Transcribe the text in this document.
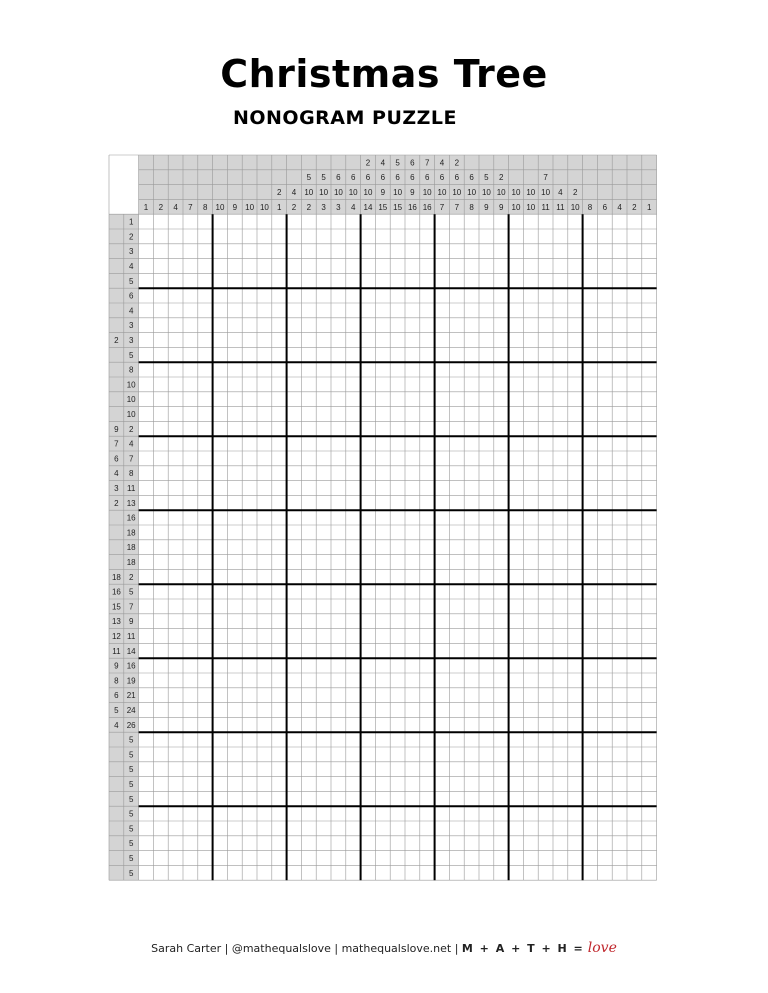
Christmas Tree
NONOGRAM PUZZLE
1 2 4 7 8 10 9 10 10
2
1
4
2
5
10
2
5
10
3
6
10
3
6
10
4
2
6
10
14
4
6
9
15
5
6
10
15
6
6
9
16
7
6
10
16
4
6
10
7
2
6
10
7
6
10
8
5
10
9
2
10
9
10
10
10
10
7
10
11
4
11
2
10 8 6 4 2 1
1
2
3
4
5
6
4
3
2 3
5
8
10
10
10
9 2
7 4
6 7
4 8
3 11
2 13
16
18
18
18
18 2
16 5
15 7
13 9
12 11
11 14
9 16
8 19
6 21
5 24
4 26
5
5
5
5
5
5
5
5
5
5
Sarah Carter | @mathequalslove | mathequalslove.net | M + A + T + H = love
